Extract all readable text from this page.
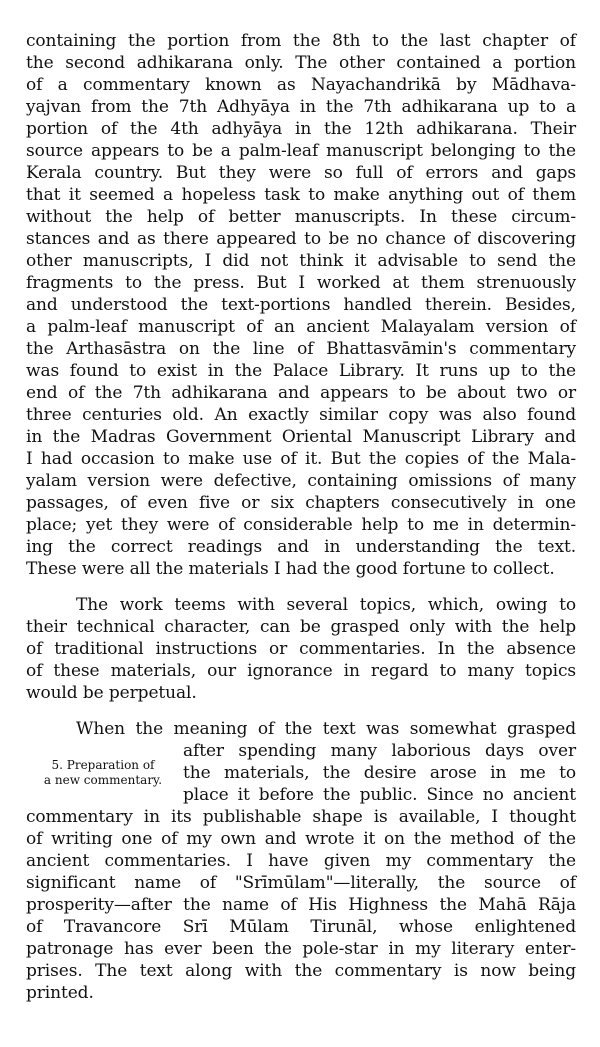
containing the portion from the 8th to the last chapter of
the second adhikarana only. The other contained a portion
of a commentary known as Nayachandrikā by Mādhava-
yajvan from the 7th Adhyāya in the 7th adhikarana up to a
portion of the 4th adhyāya in the 12th adhikarana. Their
source appears to be a palm-leaf manuscript belonging to the
Kerala country. But they were so full of errors and gaps
that it seemed a hopeless task to make anything out of them
without the help of better manuscripts. In these circum-
stances and as there appeared to be no chance of discovering
other manuscripts, I did not think it advisable to send the
fragments to the press. But I worked at them strenuously
and understood the text-portions handled therein. Besides,
a palm-leaf manuscript of an ancient Malayalam version of
the Arthasāstra on the line of Bhattasvāmin's commentary
was found to exist in the Palace Library. It runs up to the
end of the 7th adhikarana and appears to be about two or
three centuries old. An exactly similar copy was also found
in the Madras Government Oriental Manuscript Library and
I had occasion to make use of it. But the copies of the Mala-
yalam version were defective, containing omissions of many
passages, of even five or six chapters consecutively in one
place; yet they were of considerable help to me in determin-
ing the correct readings and in understanding the text.
These were all the materials I had the good fortune to collect.
The work teems with several topics, which, owing to
their technical character, can be grasped only with the help
of traditional instructions or commentaries. In the absence
of these materials, our ignorance in regard to many topics
would be perpetual.
When the meaning of the text was somewhat grasped
5. Preparation of
a new commentary.
after spending many laborious days over
the materials, the desire arose in me to
place it before the public. Since no ancient
commentary in its publishable shape is available, I thought
of writing one of my own and wrote it on the method of the
ancient commentaries. I have given my commentary the
significant name of "Srīmūlam"—literally, the source of
prosperity—after the name of His Highness the Mahā Rāja
of Travancore Srī Mūlam Tirunāl, whose enlightened
patronage has ever been the pole-star in my literary enter-
prises. The text along with the commentary is now being
printed.
